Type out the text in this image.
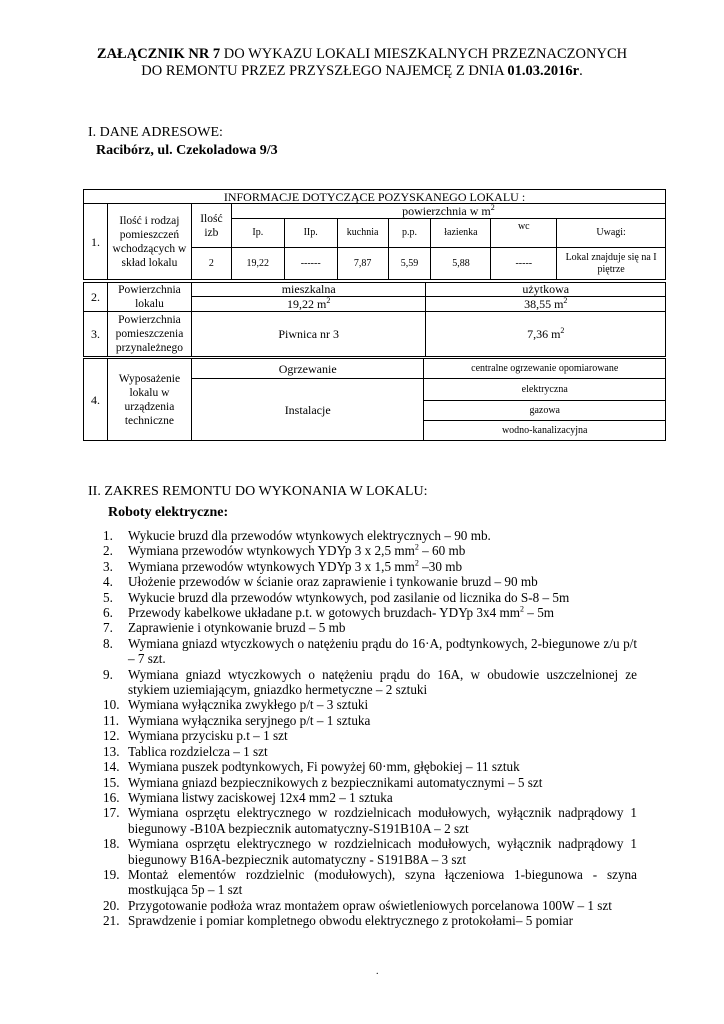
ZAŁĄCZNIK NR 7 DO WYKAZU LOKALI MIESZKALNYCH PRZEZNACZONYCH DO REMONTU PRZEZ PRZYSZŁEGO NAJEMCĘ Z DNIA 01.03.2016r.
I. DANE ADRESOWE:
Racibórz, ul. Czekoladowa 9/3
INFORMACJE DOTYCZĄCE POZYSKANEGO LOKALU :									
1.	Ilość i rodzaj pomieszczeń wchodzących w skład lokalu	Ilość izb	powierzchnia w $m^2$
			Ip.	IIp.	kuchnia	p.p.	łazienka	wc	Uwagi:
		2	19,22	------	7,87	5,59	5,88	-----	Lokal znajduje się na I piętrze
2.	Powierzchnia lokalu	mieszkalna	użytkowa
		19,22 $m^2$	38,55 $m^2$
3.	Powierzchnia pomieszczenia przynależnego	Piwnica nr 3	7,36 $m^2$
4.	Wyposażenie lokalu w urządzenia techniczne	Ogrzewanie	centralne ogrzewanie opomiarowane
		Instalacje	elektryczna
			gazowa
			wodno-kanalizacyjna
II. ZAKRES REMONTU DO WYKONANIA W LOKALU:
Roboty elektryczne:
1. Wykucie bruzd dla przewodów wtynkowych elektrycznych – 90 mb.
2. Wymiana przewodów wtynkowych YDYp 3 x 2,5 $mm^2 - 60$ mb
3. Wymiana przewodów wtynkowych YDYp 3 x 1,5 $mm^2$ –30 mb
4. Ułożenie przewodów w ścianie oraz zaprawienie i tynkowanie bruzd – 90 mb
5. Wykucie bruzd dla przewodów wtynkowych, pod zasilanie od licznika do S-8 – 5m
6. Przewody kabelkowe układane p.t. w gotowych bruzdach- YDYp 3x4 $mm^2 - 5m$
7. Zaprawienie i otynkowanie bruzd – 5 mb
8. Wymiana gniazd wtyczkowych o natężeniu prądu do 16·A, podtynkowych, 2-biegunowe z/u p/t – 7 szt.
9. Wymiana gniazd wtyczkowych o natężeniu prądu do 16A, w obudowie uszczelnionej ze stykiem uziemiającym, gniazdko hermetyczne – 2 sztuki
10. Wymiana wyłącznika zwykłego p/t – 3 sztuki
11. Wymiana wyłącznika seryjnego p/t – 1 sztuka
12. Wymiana przycisku p.t – 1 szt
13. Tablica rozdzielcza – 1 szt
14. Wymiana puszek podtynkowych, Fi powyżej 60·mm, głębokiej – 11 sztuk
15. Wymiana gniazd bezpiecznikowych z bezpiecznikami automatycznymi – 5 szt
16. Wymiana listwy zaciskowej 12x4 mm2 – 1 sztuka
17. Wymiana osprzętu elektrycznego w rozdzielnicach modułowych, wyłącznik nadprądowy 1 biegunowy -B10A bezpiecznik automatyczny-S191B10A – 2 szt
18. Wymiana osprzętu elektrycznego w rozdzielnicach modułowych, wyłącznik nadprądowy 1 biegunowy B16A-bezpiecznik automatyczny - S191B8A – 3 szt
19. Montaż elementów rozdzielnic (modułowych), szyna łączeniowa 1-biegunowa - szyna mostkująca 5p – 1 szt
20. Przygotowanie podłoża wraz montażem opraw oświetleniowych porcelanowa 100W – 1 szt
21. Sprawdzenie i pomiar kompletnego obwodu elektrycznego z protokołami– 5 pomiar
.
